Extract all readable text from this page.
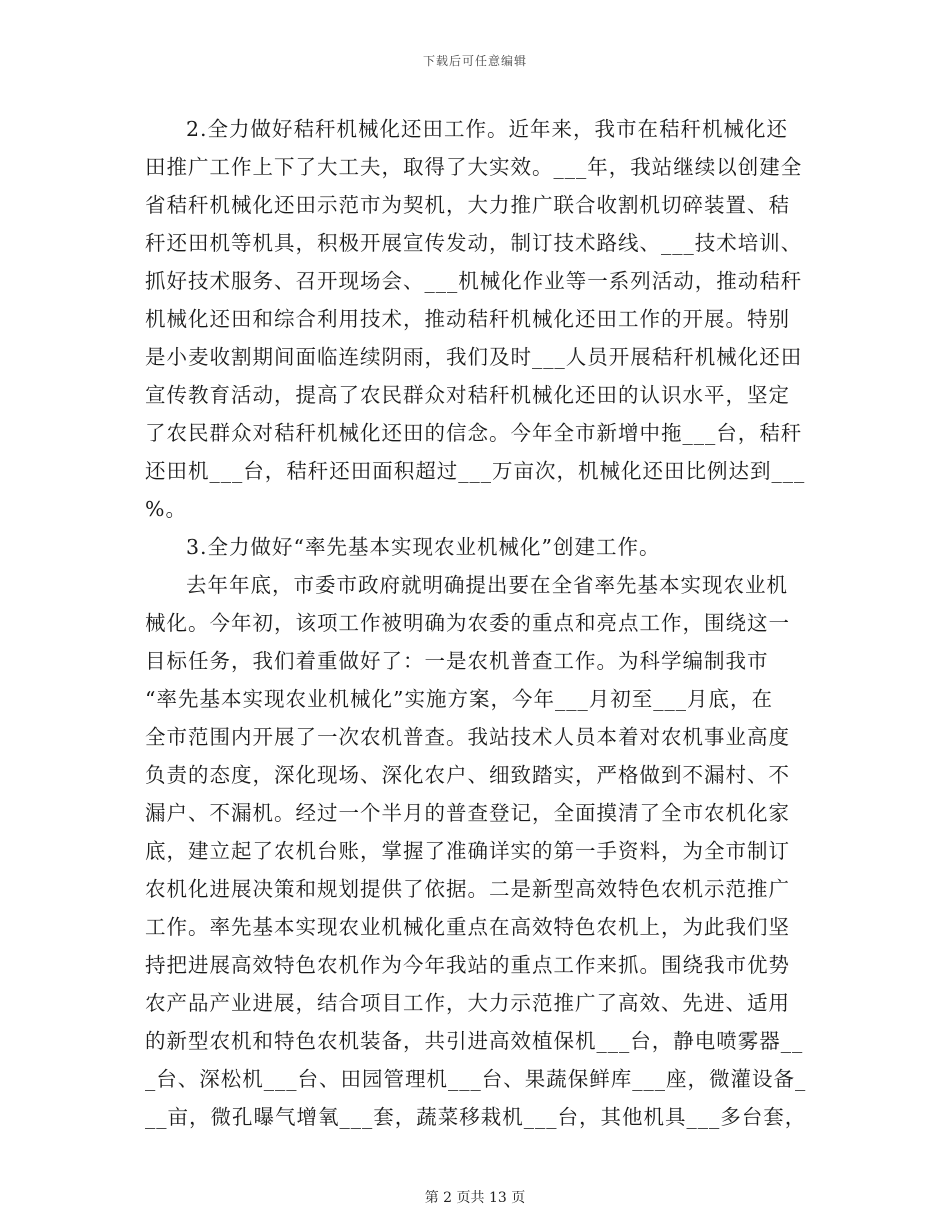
下载后可任意编辑
2.全力做好秸秆机械化还田工作。近年来，我市在秸秆机械化还
田推广工作上下了大工夫，取得了大实效。___年，我站继续以创建全
省秸秆机械化还田示范市为契机，大力推广联合收割机切碎装置、秸
秆还田机等机具，积极开展宣传发动，制订技术路线、___技术培训、
抓好技术服务、召开现场会、___机械化作业等一系列活动，推动秸秆
机械化还田和综合利用技术，推动秸秆机械化还田工作的开展。特别
是小麦收割期间面临连续阴雨，我们及时___人员开展秸秆机械化还田
宣传教育活动，提高了农民群众对秸秆机械化还田的认识水平，坚定
了农民群众对秸秆机械化还田的信念。今年全市新增中拖___台，秸秆
还田机___台，秸秆还田面积超过___万亩次，机械化还田比例达到___
%。
3.全力做好“率先基本实现农业机械化”创建工作。
去年年底，市委市政府就明确提出要在全省率先基本实现农业机
械化。今年初，该项工作被明确为农委的重点和亮点工作，围绕这一
目标任务，我们着重做好了：一是农机普查工作。为科学编制我市
“率先基本实现农业机械化”实施方案，今年___月初至___月底，在
全市范围内开展了一次农机普查。我站技术人员本着对农机事业高度
负责的态度，深化现场、深化农户、细致踏实，严格做到不漏村、不
漏户、不漏机。经过一个半月的普查登记，全面摸清了全市农机化家
底，建立起了农机台账，掌握了准确详实的第一手资料，为全市制订
农机化进展决策和规划提供了依据。二是新型高效特色农机示范推广
工作。率先基本实现农业机械化重点在高效特色农机上，为此我们坚
持把进展高效特色农机作为今年我站的重点工作来抓。围绕我市优势
农产品产业进展，结合项目工作，大力示范推广了高效、先进、适用
的新型农机和特色农机装备，共引进高效植保机___台，静电喷雾器__
_台、深松机___台、田园管理机___台、果蔬保鲜库___座，微灌设备_
__亩，微孔曝气增氧___套，蔬菜移栽机___台，其他机具___多台套，
第 2 页共 13 页
